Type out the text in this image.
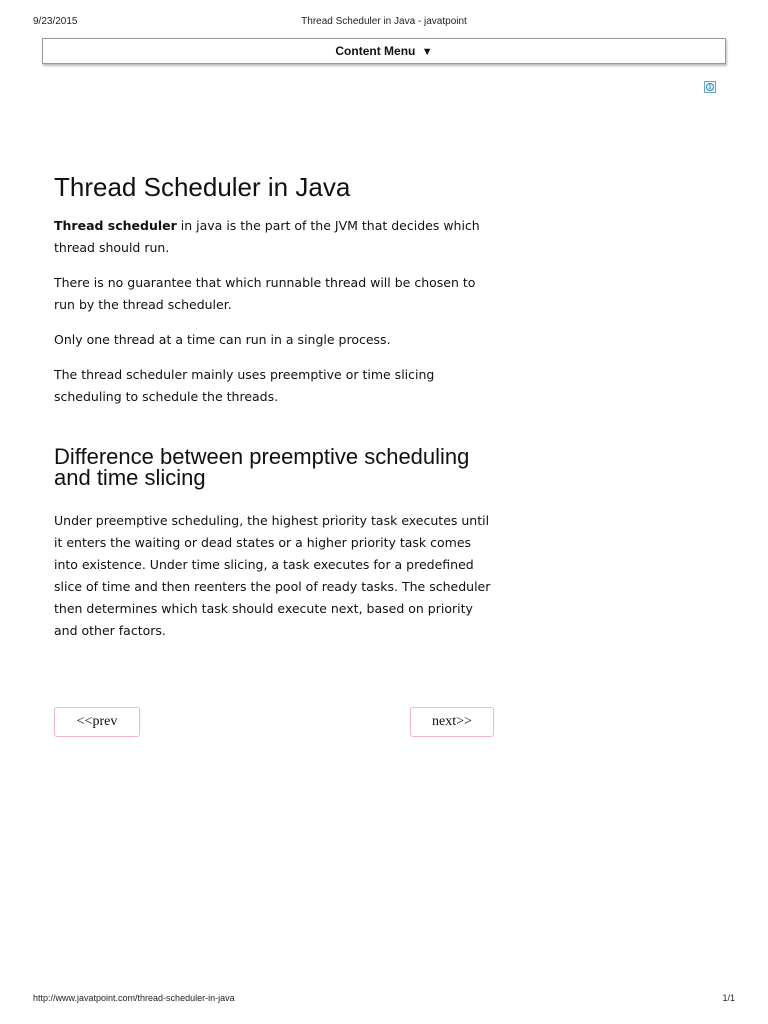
9/23/2015	Thread Scheduler in Java - javatpoint
Content Menu ▼
i
Thread Scheduler in Java

Thread scheduler in java is the part of the JVM that decides which thread should run.

There is no guarantee that which runnable thread will be chosen to run by the thread scheduler.

Only one thread at a time can run in a single process.

The thread scheduler mainly uses preemptive or time slicing scheduling to schedule the threads.

Difference between preemptive scheduling and time slicing

Under preemptive scheduling, the highest priority task executes until it enters the waiting or dead states or a higher priority task comes into existence. Under time slicing, a task executes for a predefined slice of time and then reenters the pool of ready tasks. The scheduler then determines which task should execute next, based on priority and other factors.

<<prev	next>>
http://www.javatpoint.com/thread-scheduler-in-java	1/1
